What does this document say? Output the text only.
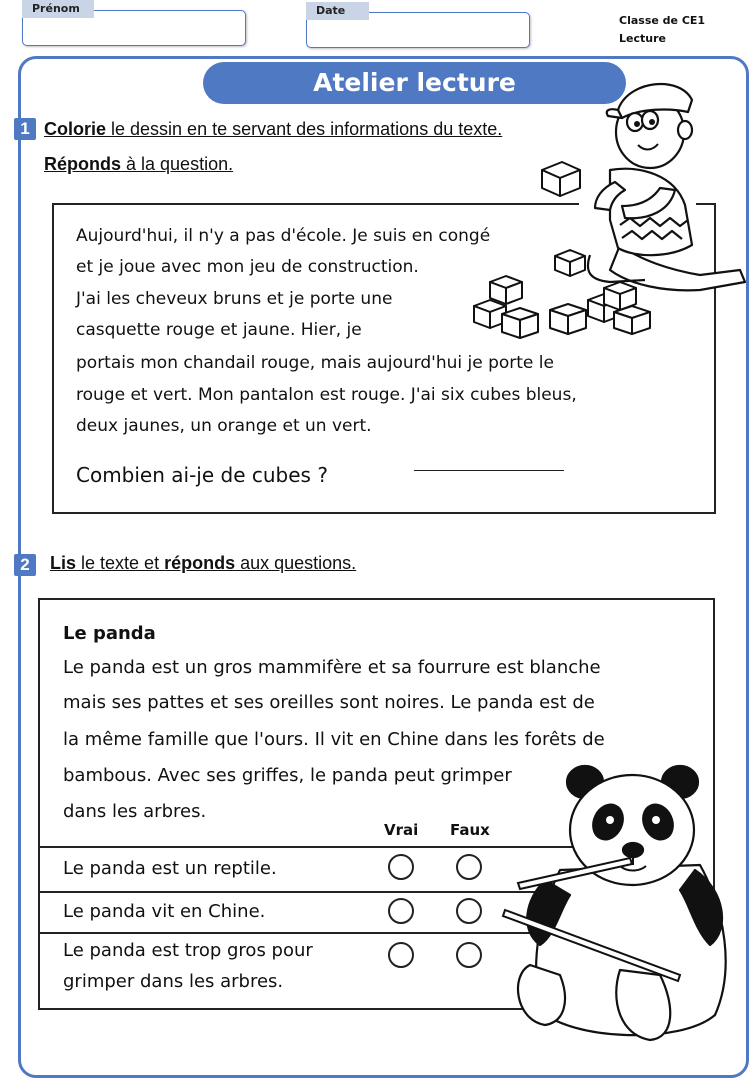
Prénom	Date
Classe de CE1
Lecture
Atelier lecture
1 Colorie le dessin en te servant des informations du texte.
Réponds à la question.
Aujourd'hui, il n'y a pas d'école. Je suis en congé
et je joue avec mon jeu de construction.
J'ai les cheveux bruns et je porte une
casquette rouge et jaune. Hier, je
portais mon chandail rouge, mais aujourd'hui je porte le
rouge et vert. Mon pantalon est rouge. J'ai six cubes bleus,
deux jaunes, un orange et un vert.
Combien ai-je de cubes ?
2	Lis le texte et réponds aux questions.
Le panda
Le panda est un gros mammifère et sa fourrure est blanche
mais ses pattes et ses oreilles sont noires. Le panda est de
la même famille que l'ours. Il vit en Chine dans les forêts de
bambous. Avec ses griffes, le panda peut grimper
dans les arbres.
Vrai Faux
Le panda est un reptile.
Le panda vit en Chine.
Le panda est trop gros pour
grimper dans les arbres.
